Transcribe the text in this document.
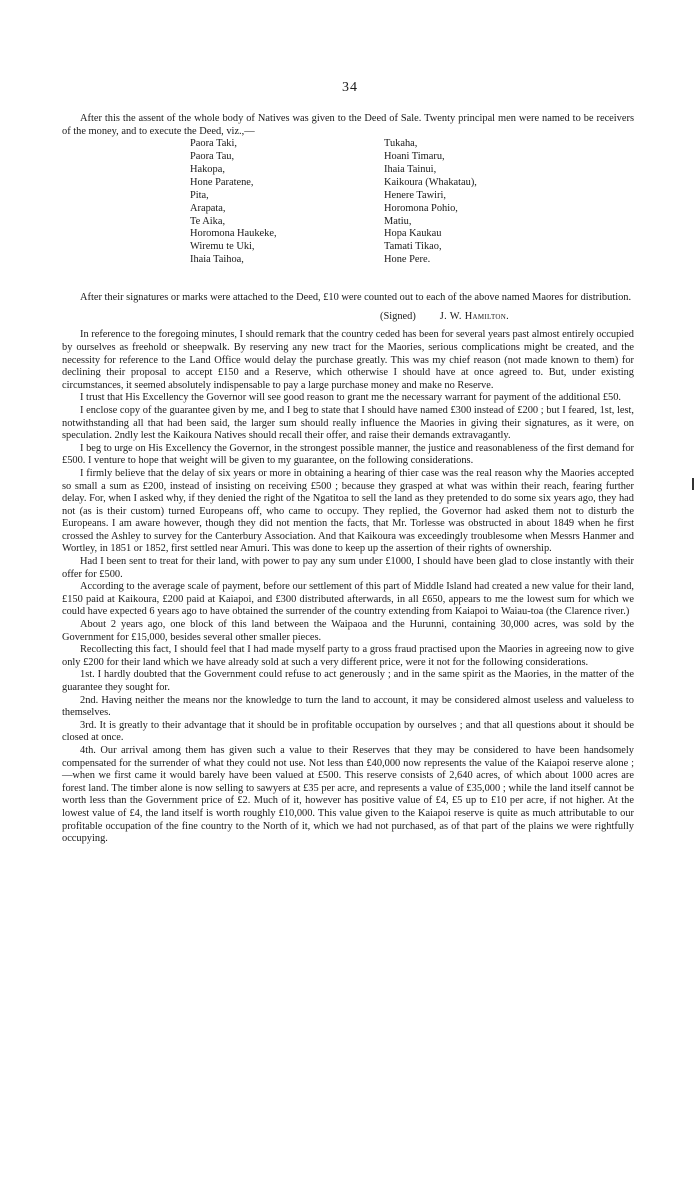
34

After this the assent of the whole body of Natives was given to the Deed of Sale. Twenty principal men were named to be receivers of the money, and to execute the Deed, viz.,—

Paora Taki,
Paora Tau,
Hakopa,
Hone Paratene,
Pita,
Arapata,
Te Aika,
Horomona Haukeke,
Wiremu te Uki,
Ihaia Taihoa,
Tukaha,
Hoani Timaru,
Ihaia Tainui,
Kaikoura (Whakatau),
Henere Tawiri,
Horomona Pohio,
Matiu,
Hopa Kaukau
Tamati Tikao,
Hone Pere.

After their signatures or marks were attached to the Deed, £10 were counted out to each of the above named Maores for distribution.

(Signed) J. W. Hamilton.

In reference to the foregoing minutes, I should remark that the country ceded has been for several years past almost entirely occupied by ourselves as freehold or sheepwalk. By reserving any new tract for the Maories, serious complications might be created, and the necessity for reference to the Land Office would delay the purchase greatly. This was my chief reason (not made known to them) for declining their proposal to accept £150 and a Reserve, which otherwise I should have at once agreed to. But, under existing circumstances, it seemed absolutely indispensable to pay a large purchase money and make no Reserve.

I trust that His Excellency the Governor will see good reason to grant me the necessary warrant for payment of the additional £50.

I enclose copy of the guarantee given by me, and I beg to state that I should have named £300 instead of £200 ; but I feared, 1st, lest, notwithstanding all that had been said, the larger sum should really influence the Maories in giving their signatures, as it were, on speculation. 2ndly lest the Kaikoura Natives should recall their offer, and raise their demands extravagantly.

I beg to urge on His Excellency the Governor, in the strongest possible manner, the justice and reasonableness of the first demand for £500. I venture to hope that weight will be given to my guarantee, on the following considerations.

I firmly believe that the delay of six years or more in obtaining a hearing of thier case was the real reason why the Maories accepted so small a sum as £200, instead of insisting on receiving £500 ; because they grasped at what was within their reach, fearing further delay. For, when I asked why, if they denied the right of the Ngatitoa to sell the land as they pretended to do some six years ago, they had not (as is their custom) turned Europeans off, who came to occupy. They replied, the Governor had asked them not to disturb the Europeans. I am aware however, though they did not mention the facts, that Mr. Torlesse was obstructed in about 1849 when he first crossed the Ashley to survey for the Canterbury Association. And that Kaikoura was exceedingly troublesome when Messrs Hanmer and Wortley, in 1851 or 1852, first settled near Amuri. This was done to keep up the assertion of their rights of ownership.

Had I been sent to treat for their land, with power to pay any sum under £1000, I should have been glad to close instantly with their offer for £500.

According to the average scale of payment, before our settlement of this part of Middle Island had created a new value for their land, £150 paid at Kaikoura, £200 paid at Kaiapoi, and £300 distributed afterwards, in all £650, appears to me the lowest sum for which we could have expected 6 years ago to have obtained the surrender of the country extending from Kaiapoi to Waiau-toa (the Clarence river.)

About 2 years ago, one block of this land between the Waipaoa and the Hurunni, containing 30,000 acres, was sold by the Government for £15,000, besides several other smaller pieces.

Recollecting this fact, I should feel that I had made myself party to a gross fraud practised upon the Maories in agreeing now to give only £200 for their land which we have already sold at such a very different price, were it not for the following considerations.

1st. I hardly doubted that the Government could refuse to act generously ; and in the same spirit as the Maories, in the matter of the guarantee they sought for.

2nd. Having neither the means nor the knowledge to turn the land to account, it may be considered almost useless and valueless to themselves.

3rd. It is greatly to their advantage that it should be in profitable occupation by ourselves ; and that all questions about it should be closed at once.

4th. Our arrival among them has given such a value to their Reserves that they may be considered to have been handsomely compensated for the surrender of what they could not use. Not less than £40,000 now represents the value of the Kaiapoi reserve alone ;—when we first came it would barely have been valued at £500. This reserve consists of 2,640 acres, of which about 1000 acres are forest land. The timber alone is now selling to sawyers at £35 per acre, and represents a value of £35,000 ; while the land itself cannot be worth less than the Government price of £2. Much of it, however has positive value of £4, £5 up to £10 per acre, if not higher. At the lowest value of £4, the land itself is worth roughly £10,000. This value given to the Kaiapoi reserve is quite as much attributable to our profitable occupation of the fine country to the North of it, which we had not purchased, as of that part of the plains we were rightfully occupying.
